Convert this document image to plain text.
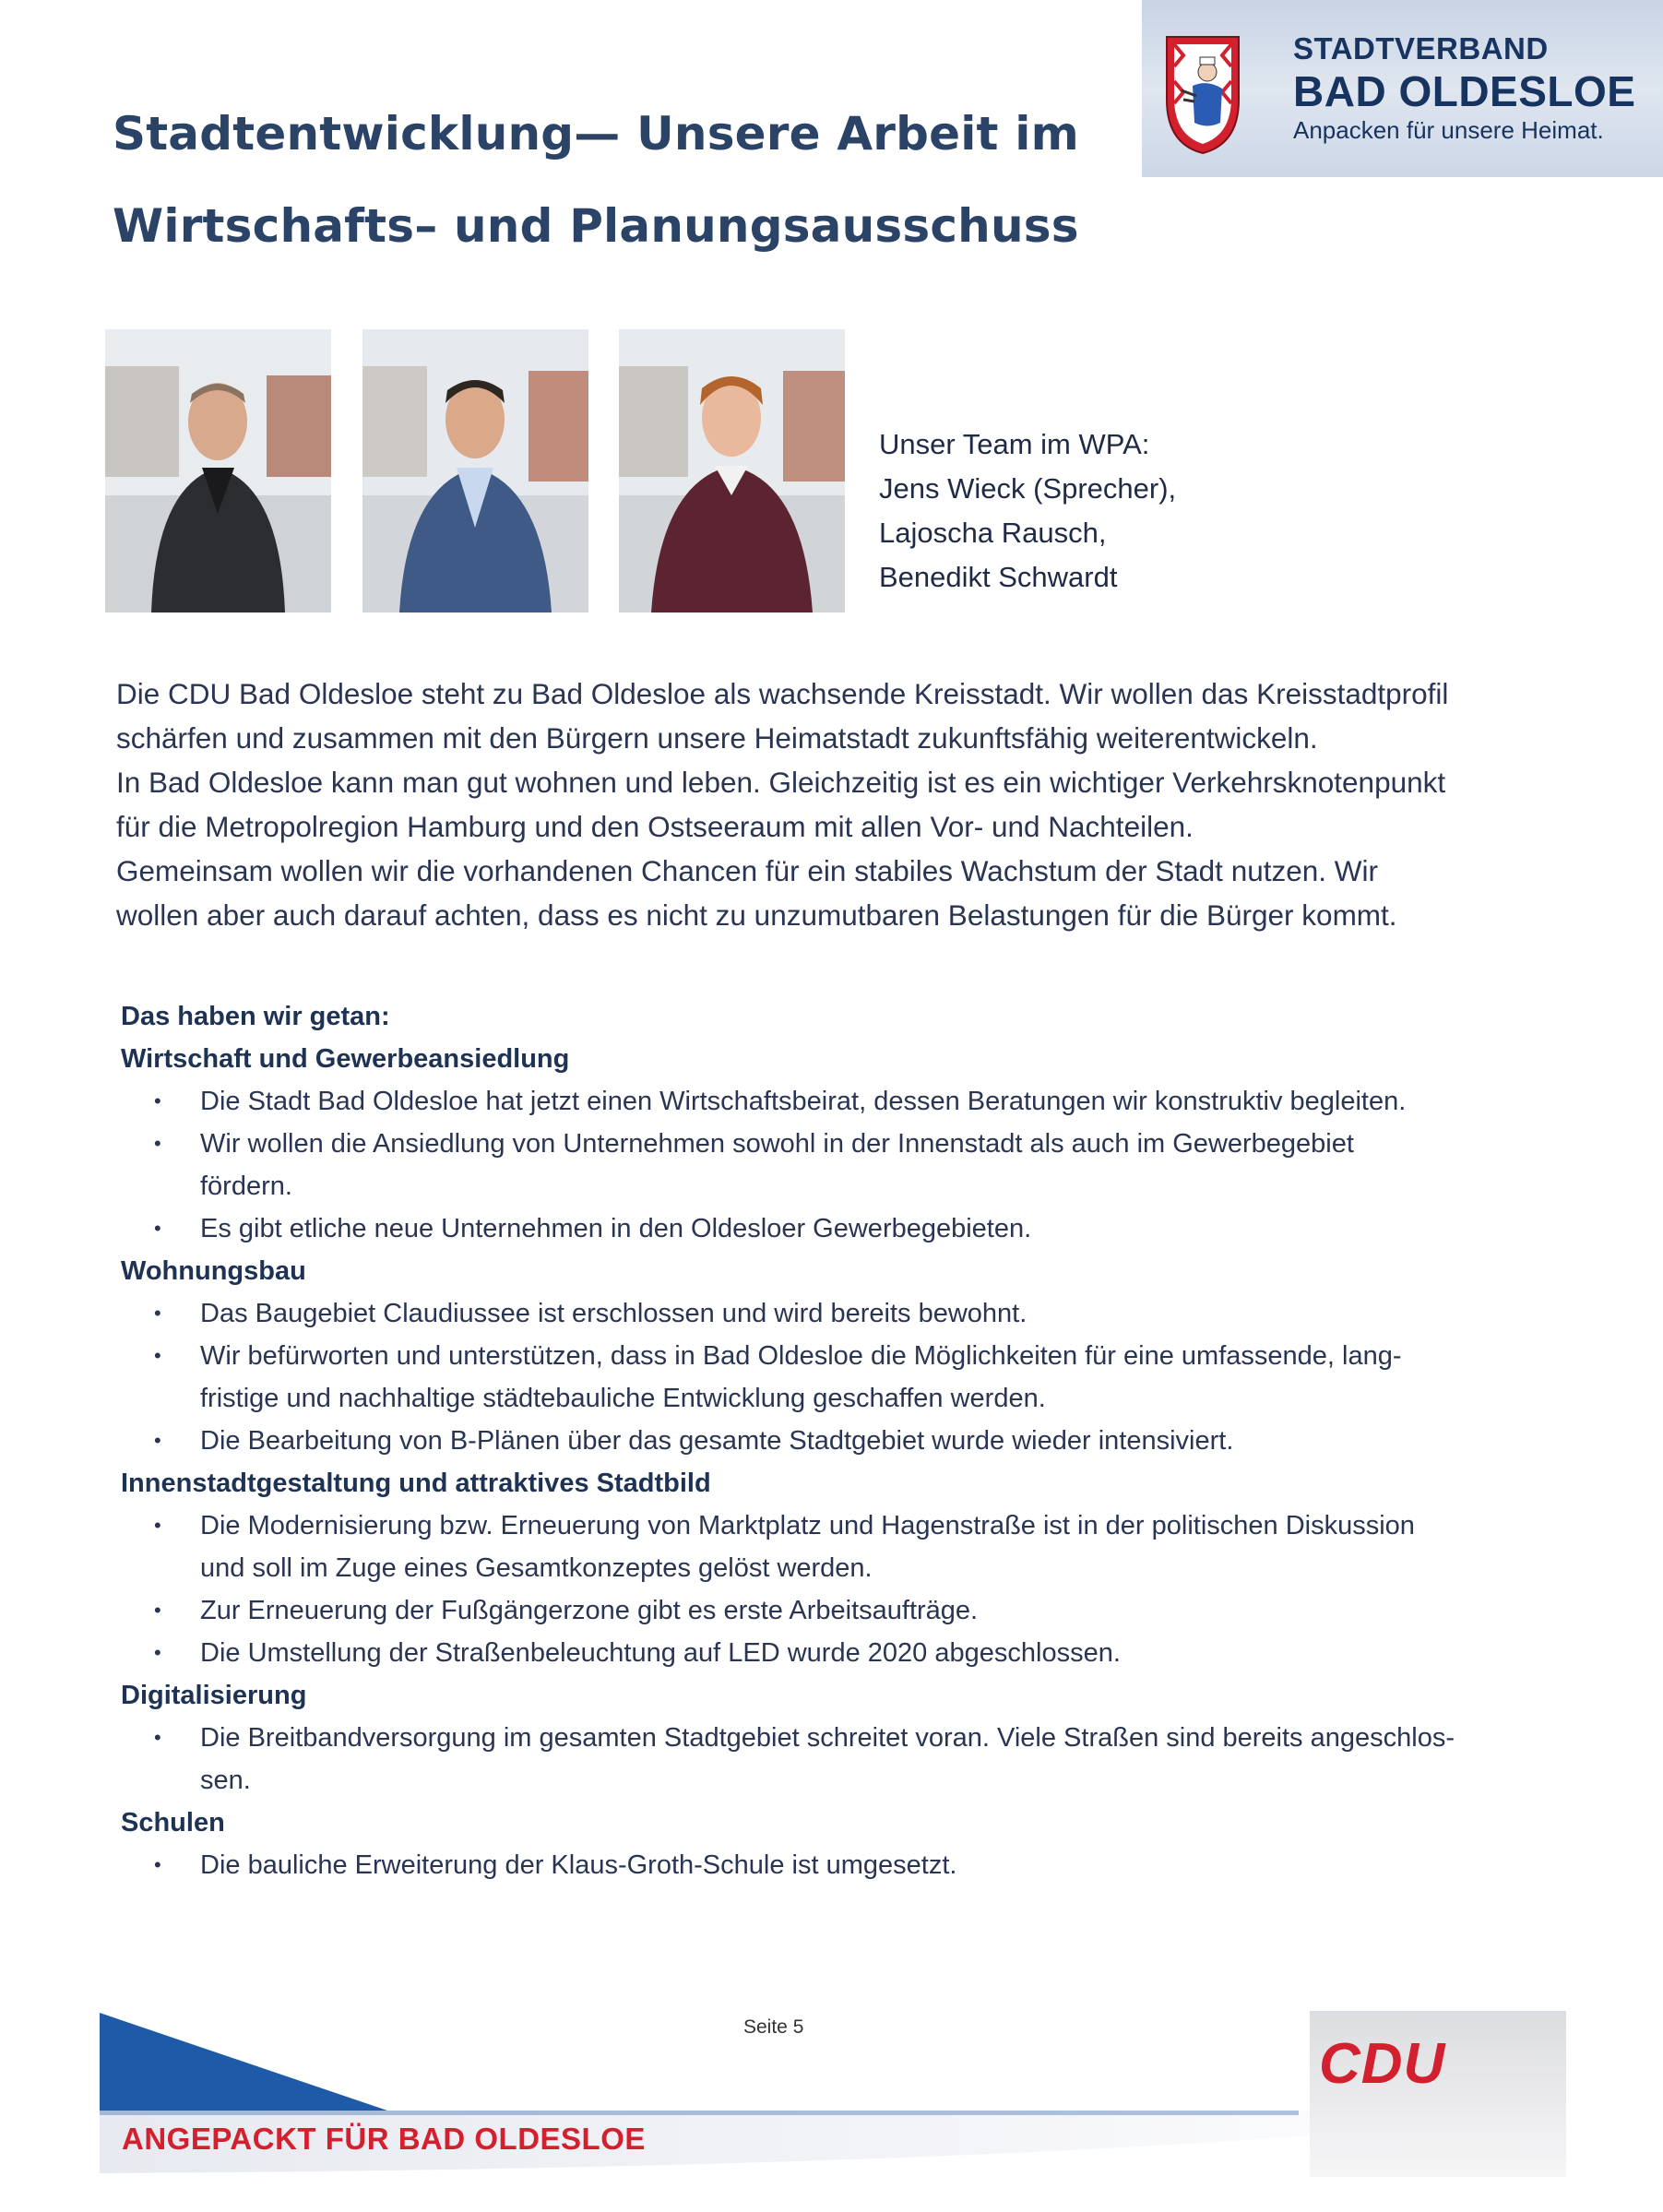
STADTVERBAND
BAD OLDESLOE
Anpacken für unsere Heimat.
Stadtentwicklung— Unsere Arbeit im
Wirtschafts– und Planungsausschuss
Unser Team im WPA:
Jens Wieck (Sprecher),
Lajoscha Rausch,
Benedikt Schwardt
Die CDU Bad Oldesloe steht zu Bad Oldesloe als wachsende Kreisstadt. Wir wollen das Kreisstadtprofil
schärfen und zusammen mit den Bürgern unsere Heimatstadt zukunftsfähig weiterentwickeln.
In Bad Oldesloe kann man gut wohnen und leben. Gleichzeitig ist es ein wichtiger Verkehrsknotenpunkt
für die Metropolregion Hamburg und den Ostseeraum mit allen Vor- und Nachteilen.
Gemeinsam wollen wir die vorhandenen Chancen für ein stabiles Wachstum der Stadt nutzen. Wir
wollen aber auch darauf achten, dass es nicht zu unzumutbaren Belastungen für die Bürger kommt.
Das haben wir getan:
Wirtschaft und Gewerbeansiedlung
• Die Stadt Bad Oldesloe hat jetzt einen Wirtschaftsbeirat, dessen Beratungen wir konstruktiv begleiten.
• Wir wollen die Ansiedlung von Unternehmen sowohl in der Innenstadt als auch im Gewerbegebiet
fördern.
• Es gibt etliche neue Unternehmen in den Oldesloer Gewerbegebieten.
Wohnungsbau
• Das Baugebiet Claudiussee ist erschlossen und wird bereits bewohnt.
• Wir befürworten und unterstützen, dass in Bad Oldesloe die Möglichkeiten für eine umfassende, lang-
fristige und nachhaltige städtebauliche Entwicklung geschaffen werden.
• Die Bearbeitung von B-Plänen über das gesamte Stadtgebiet wurde wieder intensiviert.
Innenstadtgestaltung und attraktives Stadtbild
• Die Modernisierung bzw. Erneuerung von Marktplatz und Hagenstraße ist in der politischen Diskussion
und soll im Zuge eines Gesamtkonzeptes gelöst werden.
• Zur Erneuerung der Fußgängerzone gibt es erste Arbeitsaufträge.
• Die Umstellung der Straßenbeleuchtung auf LED wurde 2020 abgeschlossen.
Digitalisierung
• Die Breitbandversorgung im gesamten Stadtgebiet schreitet voran. Viele Straßen sind bereits angeschlos-
sen.
Schulen
• Die bauliche Erweiterung der Klaus-Groth-Schule ist umgesetzt.
Seite 5
ANGEPACKT FÜR BAD OLDESLOE
CDU
